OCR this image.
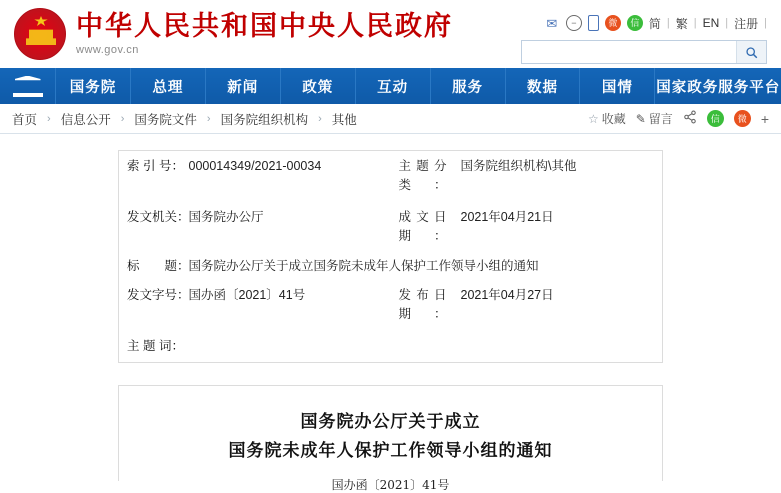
中华人民共和国中央人民政府
www.gov.cn
✉	−	微	信 简 | 繁 | EN | 注册 |
国务院	总理	新闻	政策	互动	服务	数据	国情	国家政务服务平台
首页 › 信息公开 › 国务院文件 › 国务院组织机构 › 其他	☆ 收藏 ✎ 留言	信	微 +
索 引 号：	000014349/2021-00034	主题分类：	国务院组织机构\其他
发文机关：	国务院办公厅	成文日期：	2021年04月21日
标　　题：	国务院办公厅关于成立国务院未成年人保护工作领导小组的通知		
发文字号：	国办函〔2021〕41号	发布日期：	2021年04月27日
主 题 词：			
国务院办公厅关于成立
国务院未成年人保护工作领导小组的通知
国办函〔2021〕41号
